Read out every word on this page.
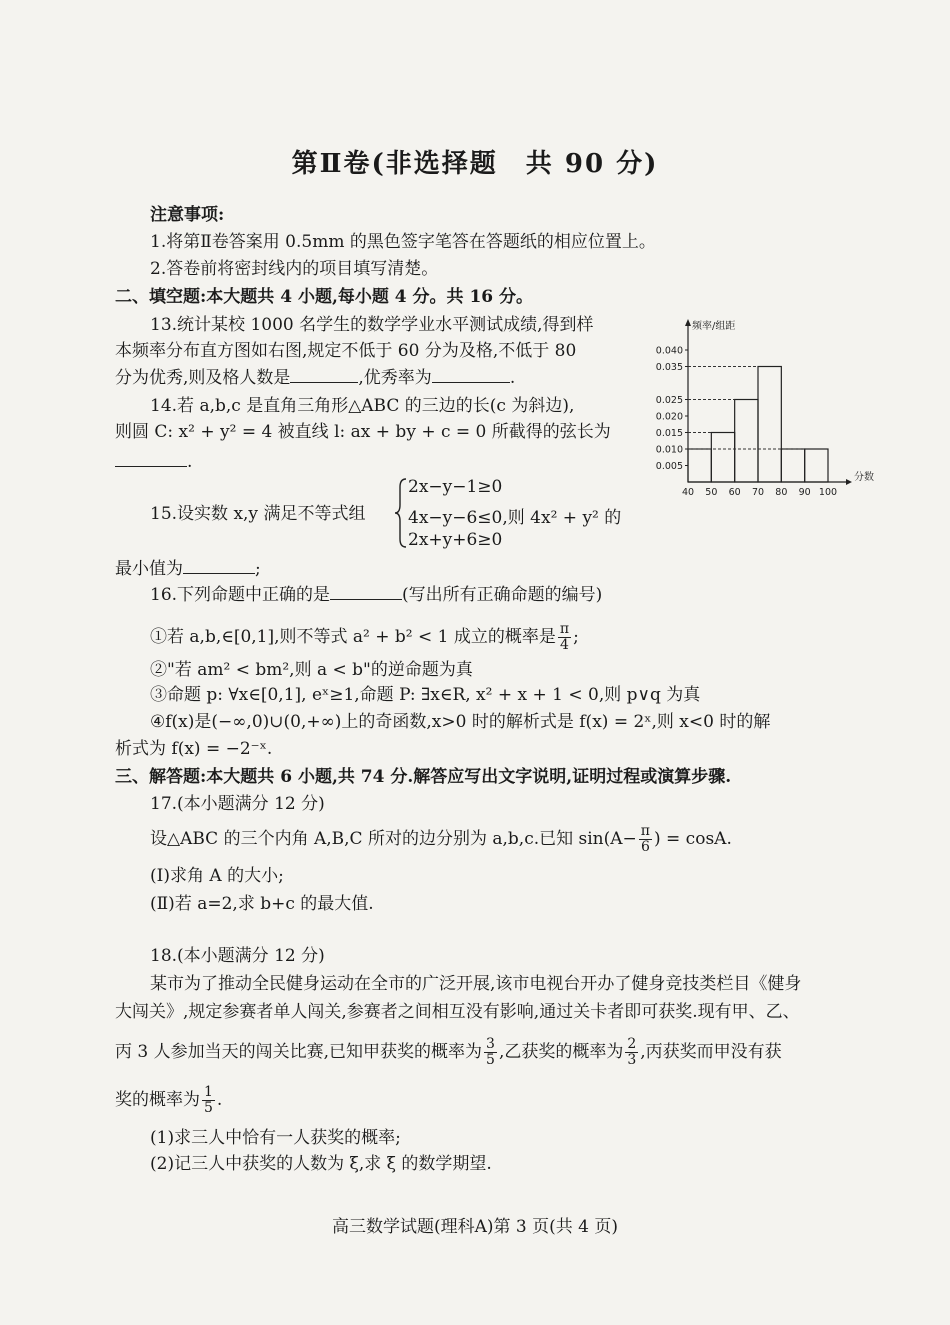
第Ⅱ卷(非选择题　共 90 分)
注意事项:
1.将第Ⅱ卷答案用 0.5mm 的黑色签字笔答在答题纸的相应位置上。
2.答卷前将密封线内的项目填写清楚。
二、填空题:本大题共 4 小题,每小题 4 分。共 16 分。
13.统计某校 1000 名学生的数学学业水平测试成绩,得到样
本频率分布直方图如右图,规定不低于 60 分为及格,不低于 80
分为优秀,则及格人数是	,优秀率为	.
14.若 a,b,c 是直角三角形△ABC 的三边的长(c 为斜边),
则圆 C: x² + y² = 4 被直线 l: ax + by + c = 0 所截得的弦长为
.
15.设实数 x,y 满足不等式组
2x−y−1≥0
4x−y−6≤0,则 4x² + y² 的
2x+y+6≥0
最小值为	;
16.下列命题中正确的是	(写出所有正确命题的编号)
①若 a,b,∈[0,1],则不等式 a² + b² < 1 成立的概率是 $\frac{\pi}{4}$ ;
②"若 am² < bm²,则 a < b"的逆命题为真
③命题 p: ∀x∈[0,1], eˣ≥1,命题 P: ∃x∈R, x² + x + 1 < 0,则 p∨q 为真
④f(x)是(−∞,0)∪(0,+∞)上的奇函数,x>0 时的解析式是 f(x) = 2ˣ,则 x<0 时的解
析式为 f(x) = −2⁻ˣ.
三、解答题:本大题共 6 小题,共 74 分.解答应写出文字说明,证明过程或演算步骤.
17.(本小题满分 12 分)
设△ABC 的三个内角 A,B,C 所对的边分别为 a,b,c.已知 $\sin(A- \frac{\pi}{6}$ ) = cosA.
(Ⅰ)求角 A 的大小;
(Ⅱ)若 a=2,求 b+c 的最大值.
18.(本小题满分 12 分)
某市为了推动全民健身运动在全市的广泛开展,该市电视台开办了健身竞技类栏目《健身
大闯关》,规定参赛者单人闯关,参赛者之间相互没有影响,通过关卡者即可获奖.现有甲、乙、
丙 3 人参加当天的闯关比赛,已知甲获奖的概率为 $\frac{3}{5}$ ,乙获奖的概率为 $\frac{2}{3}$ ,丙获奖而甲没有获
奖的概率为 $\frac{1}{5}$ .
(1)求三人中恰有一人获奖的概率;
(2)记三人中获奖的人数为 ξ,求 ξ 的数学期望.
0.005
0.010
0.015
0.020
0.025
0.035
0.040
40 50 60 70 80 90 100
频率/组距
分数
高三数学试题(理科A)第 3 页(共 4 页)
